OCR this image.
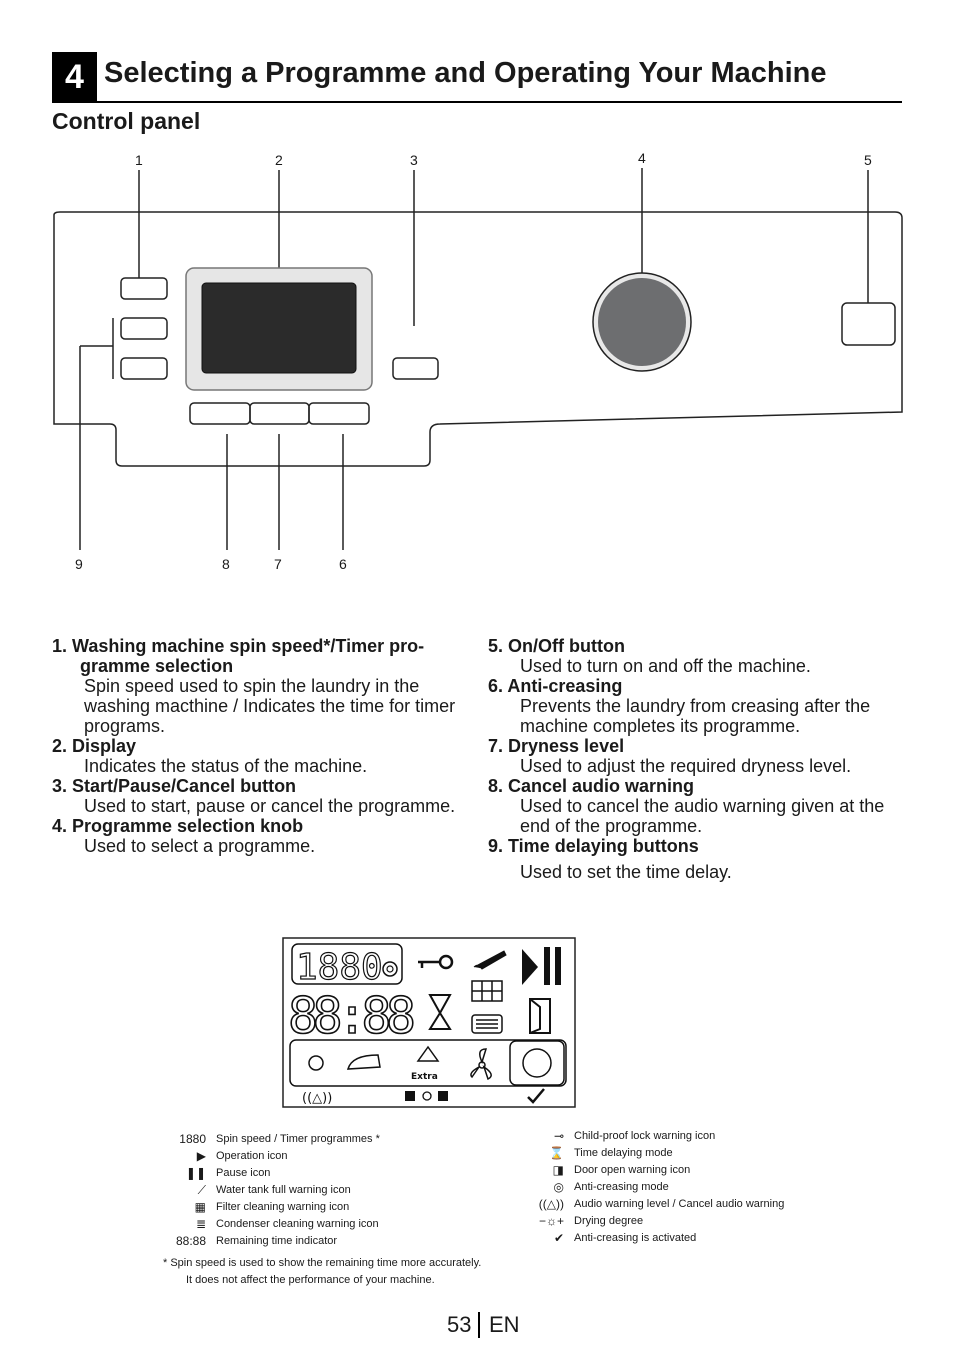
4 Selecting a Programme and Operating Your Machine
Control panel
1	2	3	4	5
9	8	7	6
1. Washing machine spin speed*/Timer pro-
gramme selection
Spin speed used to spin the laundry in the washing macthine / Indicates the time for timer programs.
2. Display
Indicates the status of the machine.
3. Start/Pause/Cancel button
Used to start, pause or cancel the programme.
4. Programme selection knob
Used to select a programme.
5. On/Off button
Used to turn on and off the machine.
6. Anti-creasing
Prevents the laundry from creasing after the machine completes its programme.
7. Dryness level
Used to adjust the required dryness level.
8. Cancel audio warning
Used to cancel the audio warning given at the end of the programme.
9. Time delaying buttons
Used to set the time delay.
1880
88:88
Extra
((△))
1880 Spin speed / Timer programmes *
▶ Operation icon
❚❚ Pause icon
⟋ Water tank full warning icon
▦ Filter cleaning warning icon
≣ Condenser cleaning warning icon
88:88 Remaining time indicator
⊸ Child-proof lock warning icon
⌛ Time delaying mode
◨ Door open warning icon
◎ Anti-creasing mode
((△)) Audio warning level / Cancel audio warning
−☼+ Drying degree
✔ Anti-creasing is activated
* Spin speed is used to show the remaining time more accurately.
It does not affect the performance of your machine.
53 EN
